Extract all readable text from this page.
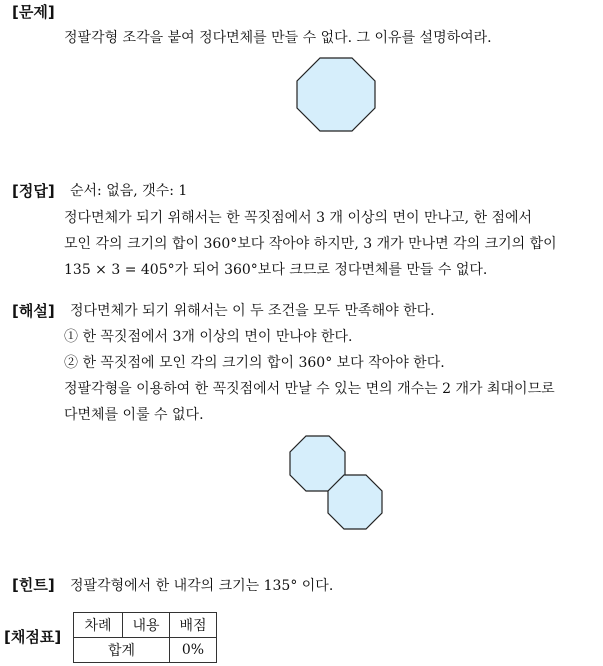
[문제]
정팔각형 조각을 붙여 정다면체를 만들 수 없다. 그 이유를 설명하여라.
[정답] 순서: 없음, 갯수: 1
정다면체가 되기 위해서는 한 꼭짓점에서 3 개 이상의 면이 만나고, 한 점에서
모인 각의 크기의 합이 360°보다 작아야 하지만, 3 개가 만나면 각의 크기의 합이
135 × 3 = 405°가 되어 360°보다 크므로 정다면체를 만들 수 없다.
[해설] 정다면체가 되기 위해서는 이 두 조건을 모두 만족해야 한다.
① 한 꼭짓점에서 3개 이상의 면이 만나야 한다.
② 한 꼭짓점에 모인 각의 크기의 합이 360° 보다 작아야 한다.
정팔각형을 이용하여 한 꼭짓점에서 만날 수 있는 면의 개수는 2 개가 최대이므로
다면체를 이룰 수 없다.
[힌트] 정팔각형에서 한 내각의 크기는 135° 이다.
[채점표]
차례	내용	배점
합계		0%
